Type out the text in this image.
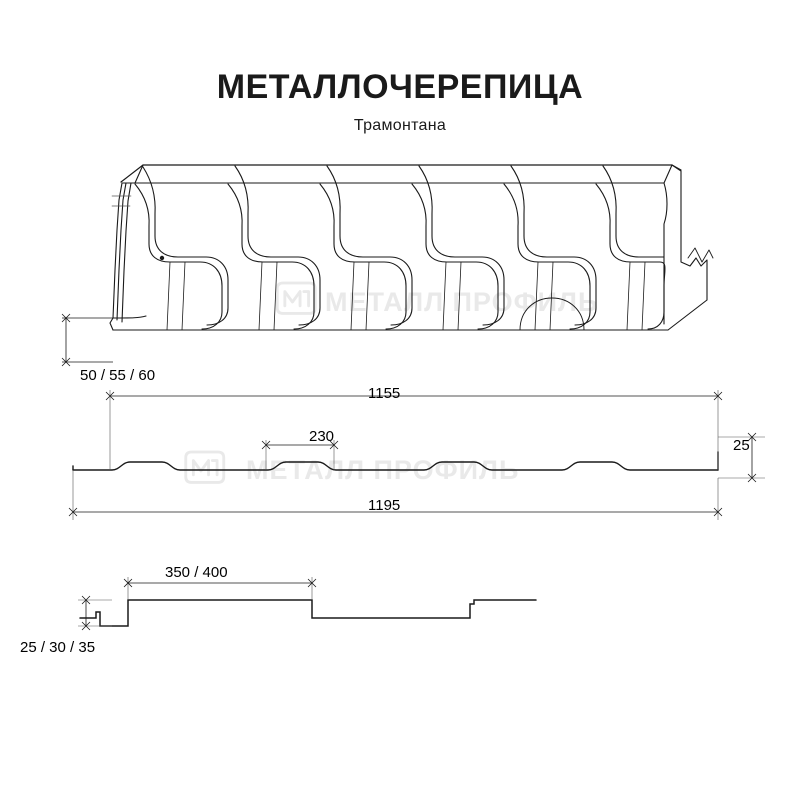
МЕТАЛЛ ПРОФИЛЬ
МЕТАЛЛ ПРОФИЛЬ
МЕТАЛЛОЧЕРЕПИЦА
Трамонтана
50 / 55 / 60
1155
230
25
1195
350 / 400
25 / 30 / 35
